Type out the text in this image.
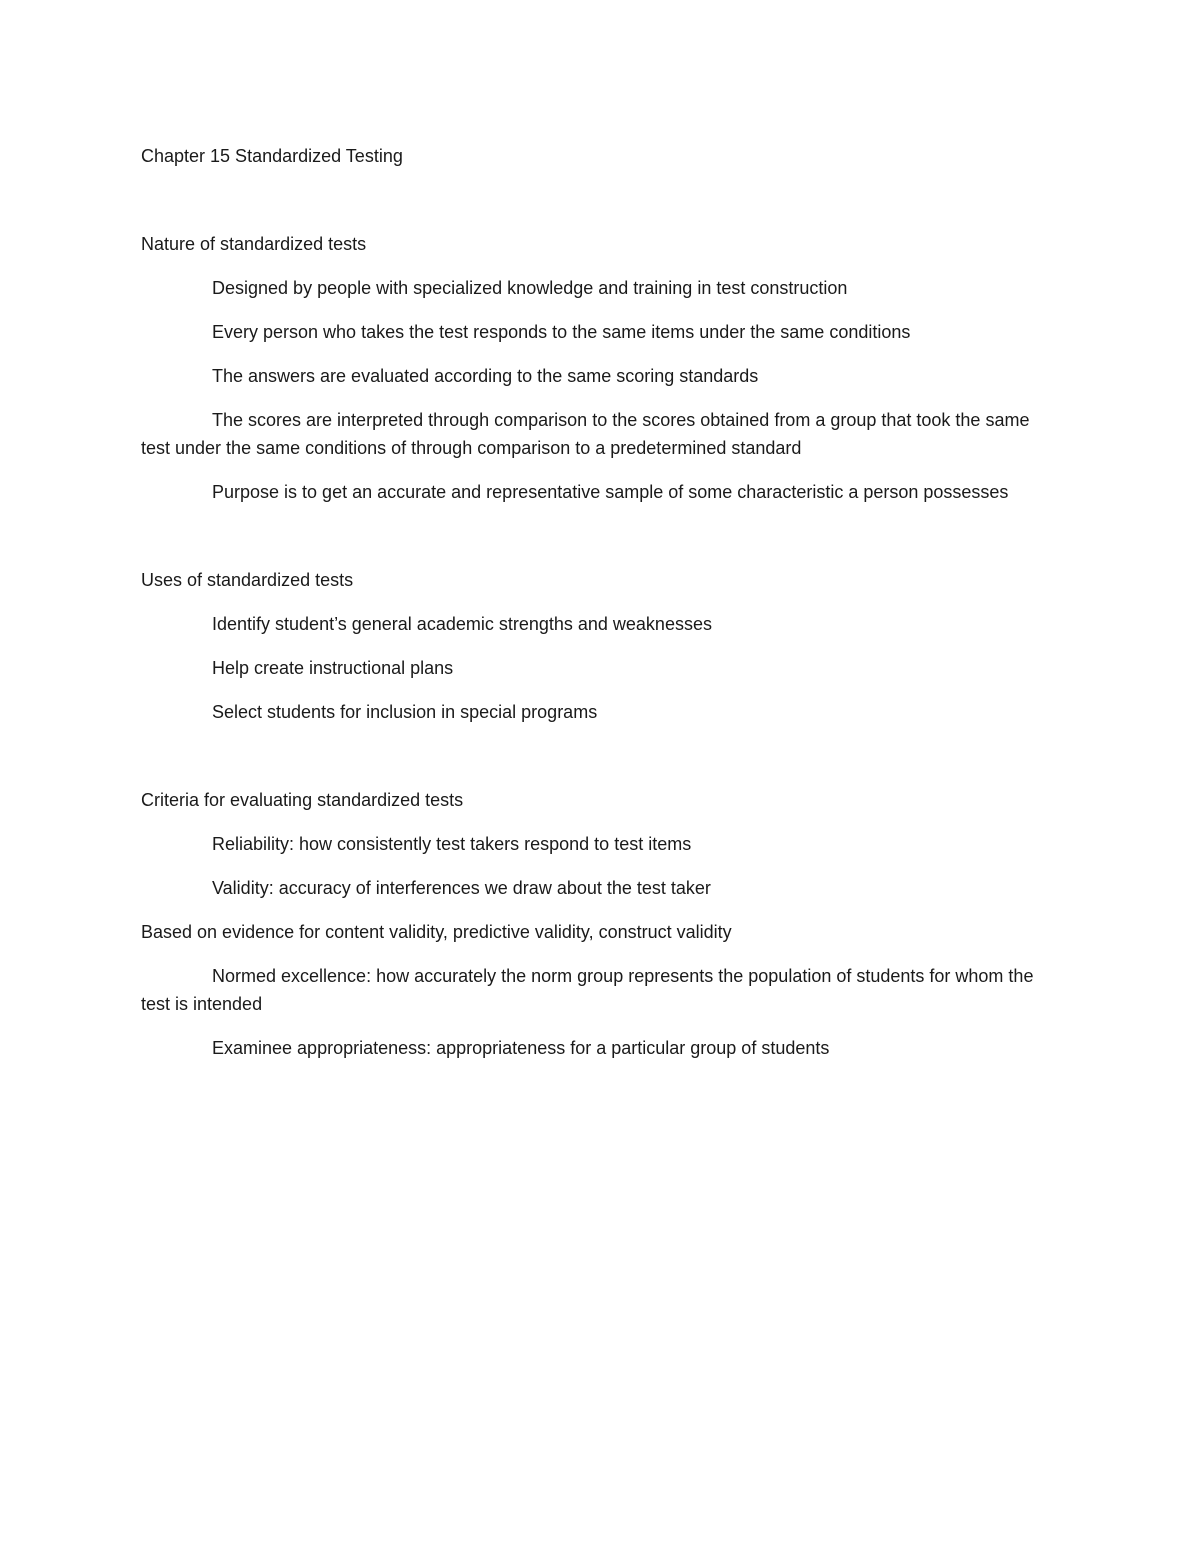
Chapter 15 Standardized Testing

Nature of standardized tests

Designed by people with specialized knowledge and training in test construction

Every person who takes the test responds to the same items under the same conditions

The answers are evaluated according to the same scoring standards

The scores are interpreted through comparison to the scores obtained from a group that took the same test under the same conditions of through comparison to a predetermined standard

Purpose is to get an accurate and representative sample of some characteristic a person possesses

Uses of standardized tests

Identify student’s general academic strengths and weaknesses

Help create instructional plans

Select students for inclusion in special programs

Criteria for evaluating standardized tests

Reliability: how consistently test takers respond to test items

Validity: accuracy of interferences we draw about the test taker

Based on evidence for content validity, predictive validity, construct validity

Normed excellence: how accurately the norm group represents the population of students for whom the test is intended

Examinee appropriateness: appropriateness for a particular group of students
